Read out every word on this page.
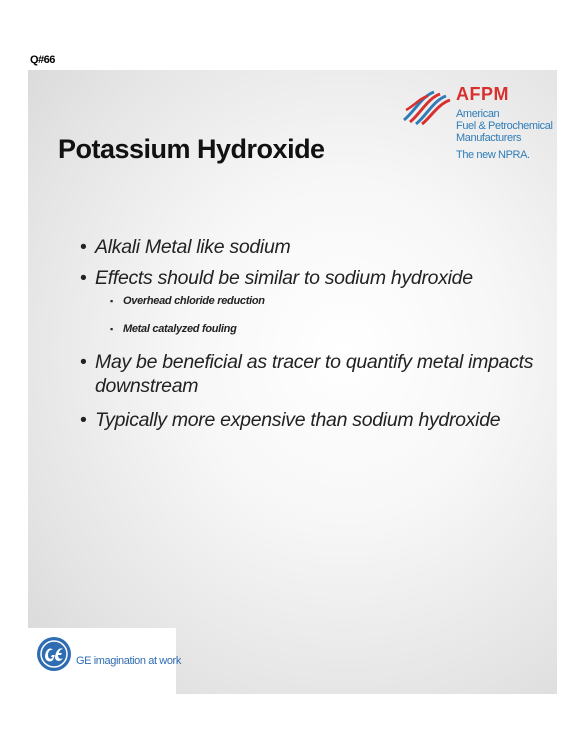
Q#66
AFPM
American
Fuel & Petrochemical
Manufacturers
The new NPRA.
Potassium Hydroxide
• Alkali Metal like sodium
• Effects should be similar to sodium hydroxide
▪ Overhead chloride reduction
▪ Metal catalyzed fouling
• May be beneficial as tracer to quantify metal impacts downstream
• Typically more expensive than sodium hydroxide
GE imagination at work
